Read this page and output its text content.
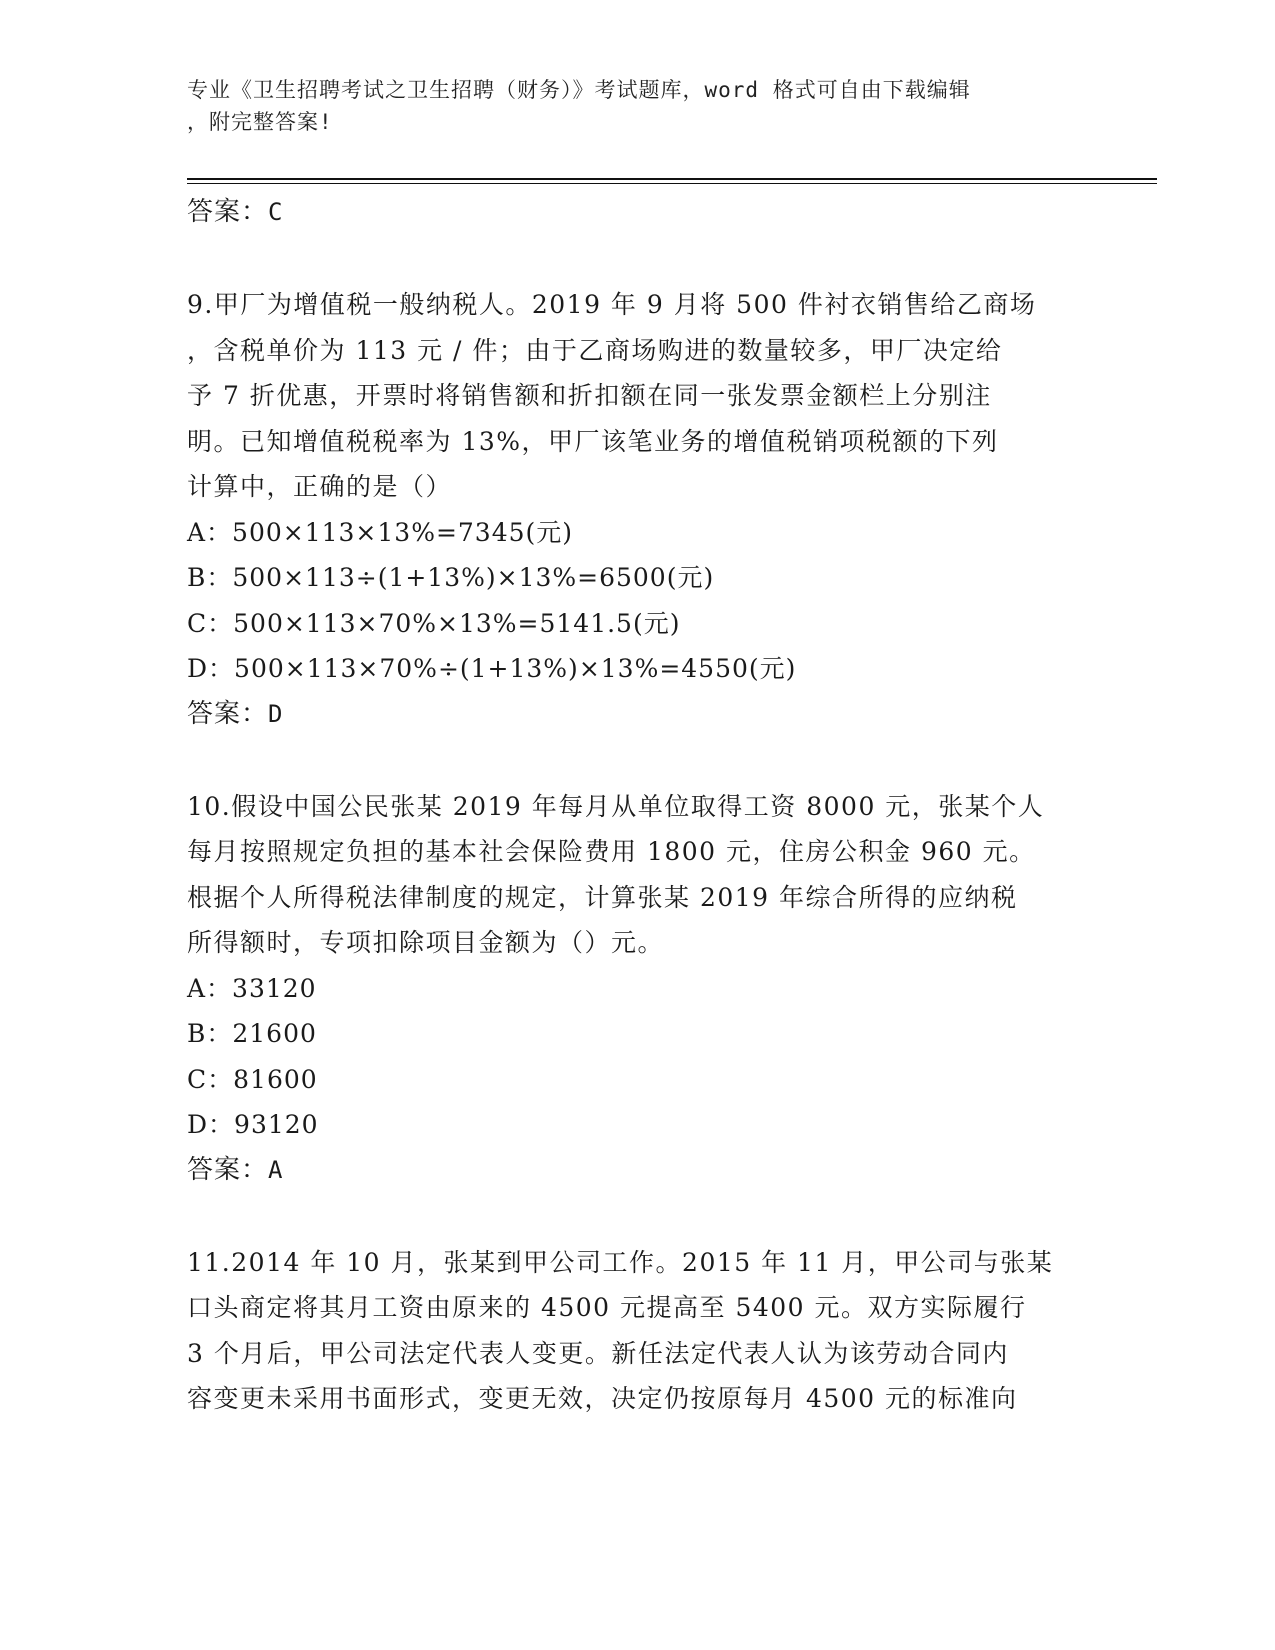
专业《卫生招聘考试之卫生招聘（财务）》考试题库，word 格式可自由下载编辑
，附完整答案!
答案：C
9.甲厂为增值税一般纳税人。2019 年 9 月将 500 件衬衣销售给乙商场
，含税单价为 113 元 / 件；由于乙商场购进的数量较多，甲厂决定给
予 7 折优惠，开票时将销售额和折扣额在同一张发票金额栏上分别注
明。已知增值税税率为 13%，甲厂该笔业务的增值税销项税额的下列
计算中，正确的是（）
A：500×113×13%=7345(元)
B：500×113÷(1+13%)×13%=6500(元)
C：500×113×70%×13%=5141.5(元)
D：500×113×70%÷(1+13%)×13%=4550(元)
答案：D
10.假设中国公民张某 2019 年每月从单位取得工资 8000 元，张某个人
每月按照规定负担的基本社会保险费用 1800 元，住房公积金 960 元。
根据个人所得税法律制度的规定，计算张某 2019 年综合所得的应纳税
所得额时，专项扣除项目金额为（）元。
A：33120
B：21600
C：81600
D：93120
答案：A
11.2014 年 10 月，张某到甲公司工作。2015 年 11 月，甲公司与张某
口头商定将其月工资由原来的 4500 元提高至 5400 元。双方实际履行
3 个月后，甲公司法定代表人变更。新任法定代表人认为该劳动合同内
容变更未采用书面形式，变更无效，决定仍按原每月 4500 元的标准向
